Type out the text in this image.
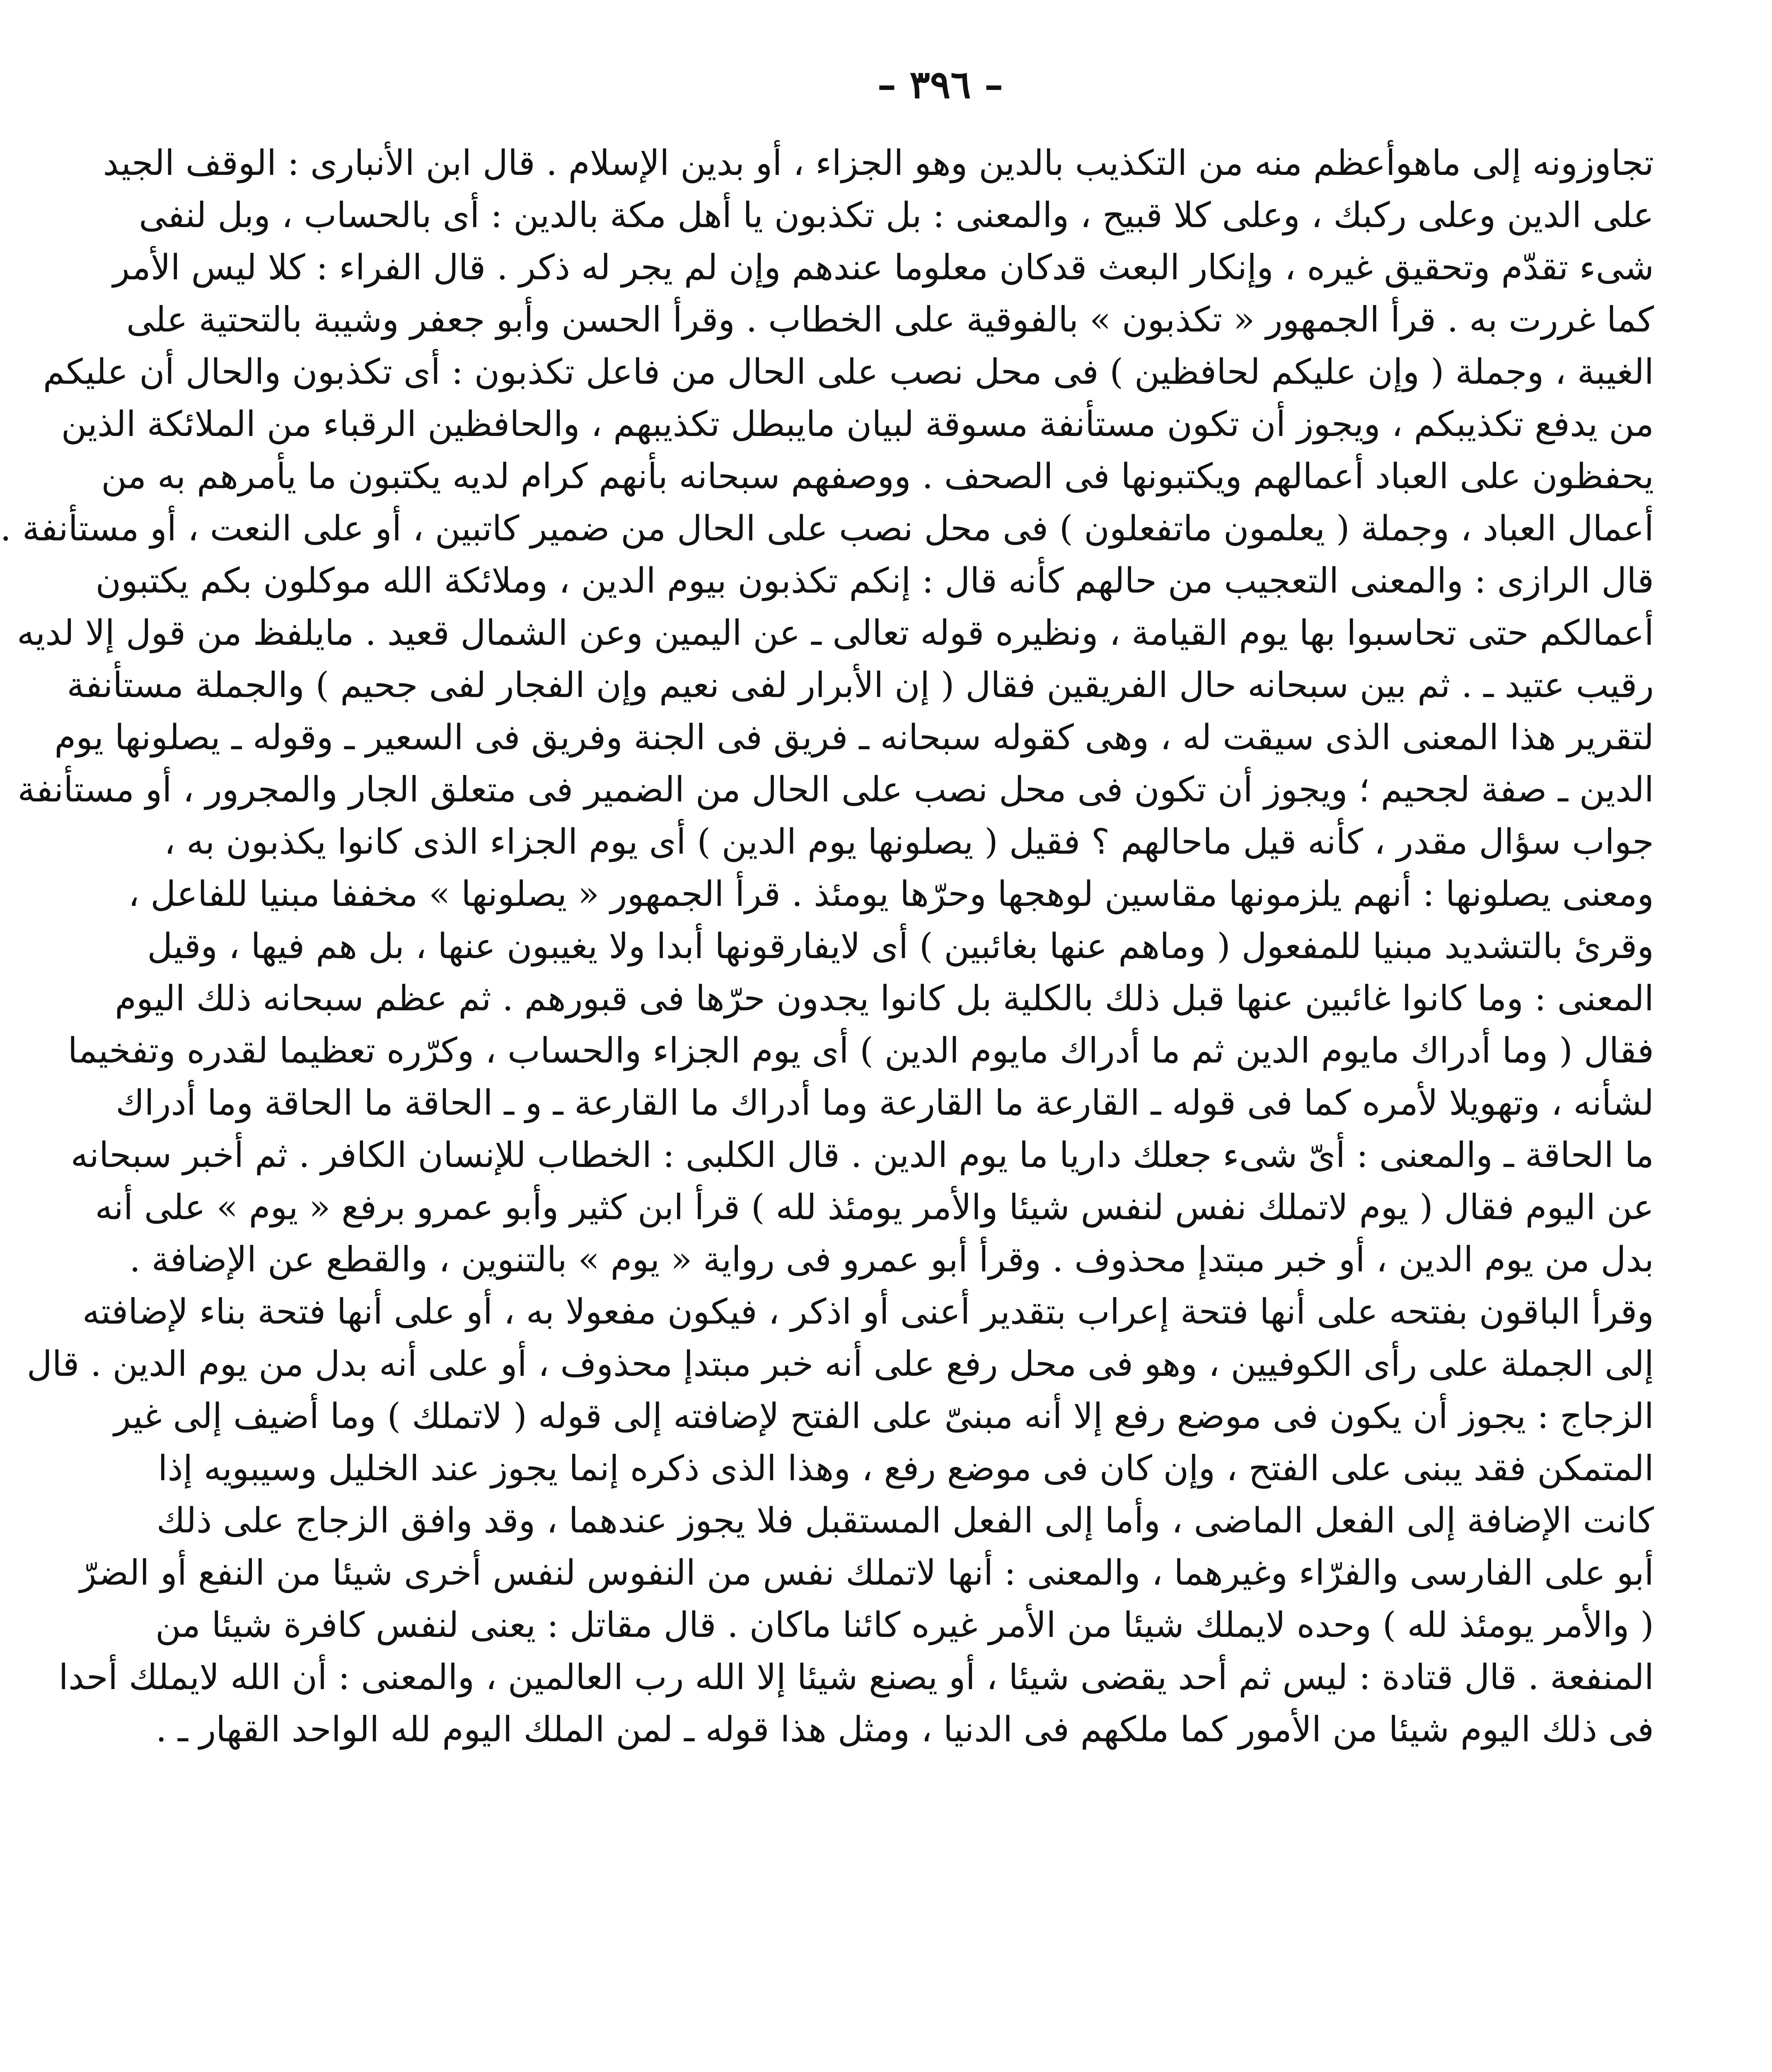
– ٣٩٦ –
تجاوزونه إلى ماهوأعظم منه من التكذيب بالدين وهو الجزاء ، أو بدين الإسلام . قال ابن الأنبارى : الوقف الجيد
على الدين وعلى ركبك ، وعلى كلا قبيح ، والمعنى : بل تكذبون يا أهل مكة بالدين : أى بالحساب ، وبل لنفى
شىء تقدّم وتحقيق غيره ، وإنكار البعث قدكان معلوما عندهم وإن لم يجر له ذكر . قال الفراء : كلا ليس الأمر
كما غررت به . قرأ الجمهور « تكذبون » بالفوقية على الخطاب . وقرأ الحسن وأبو جعفر وشيبة بالتحتية على
الغيبة ، وجملة ( وإن عليكم لحافظين ) فى محل نصب على الحال من فاعل تكذبون : أى تكذبون والحال أن عليكم
من يدفع تكذيبكم ، ويجوز أن تكون مستأنفة مسوقة لبيان مايبطل تكذيبهم ، والحافظين الرقباء من الملائكة الذين
يحفظون على العباد أعمالهم ويكتبونها فى الصحف . ووصفهم سبحانه بأنهم كرام لديه يكتبون ما يأمرهم به من
أعمال العباد ، وجملة ( يعلمون ماتفعلون ) فى محل نصب على الحال من ضمير كاتبين ، أو على النعت ، أو مستأنفة .
قال الرازى : والمعنى التعجيب من حالهم كأنه قال : إنكم تكذبون بيوم الدين ، وملائكة الله موكلون بكم يكتبون
أعمالكم حتى تحاسبوا بها يوم القيامة ، ونظيره قوله تعالى ـ عن اليمين وعن الشمال قعيد . مايلفظ من قول إلا لديه
رقيب عتيد ـ . ثم بين سبحانه حال الفريقين فقال ( إن الأبرار لفى نعيم وإن الفجار لفى جحيم ) والجملة مستأنفة
لتقرير هذا المعنى الذى سيقت له ، وهى كقوله سبحانه ـ فريق فى الجنة وفريق فى السعير ـ وقوله ـ يصلونها يوم
الدين ـ صفة لجحيم ؛ ويجوز أن تكون فى محل نصب على الحال من الضمير فى متعلق الجار والمجرور ، أو مستأنفة
جواب سؤال مقدر ، كأنه قيل ماحالهم ؟ فقيل ( يصلونها يوم الدين ) أى يوم الجزاء الذى كانوا يكذبون به ،
ومعنى يصلونها : أنهم يلزمونها مقاسين لوهجها وحرّها يومئذ . قرأ الجمهور « يصلونها » مخففا مبنيا للفاعل ،
وقرئ بالتشديد مبنيا للمفعول ( وماهم عنها بغائبين ) أى لايفارقونها أبدا ولا يغيبون عنها ، بل هم فيها ، وقيل
المعنى : وما كانوا غائبين عنها قبل ذلك بالكلية بل كانوا يجدون حرّها فى قبورهم . ثم عظم سبحانه ذلك اليوم
فقال ( وما أدراك مايوم الدين ثم ما أدراك مايوم الدين ) أى يوم الجزاء والحساب ، وكرّره تعظيما لقدره وتفخيما
لشأنه ، وتهويلا لأمره كما فى قوله ـ القارعة ما القارعة وما أدراك ما القارعة ـ و ـ الحاقة ما الحاقة وما أدراك
ما الحاقة ـ والمعنى : أىّ شىء جعلك داريا ما يوم الدين . قال الكلبى : الخطاب للإنسان الكافر . ثم أخبر سبحانه
عن اليوم فقال ( يوم لاتملك نفس لنفس شيئا والأمر يومئذ لله ) قرأ ابن كثير وأبو عمرو برفع « يوم » على أنه
بدل من يوم الدين ، أو خبر مبتدإ محذوف . وقرأ أبو عمرو فى رواية « يوم » بالتنوين ، والقطع عن الإضافة .
وقرأ الباقون بفتحه على أنها فتحة إعراب بتقدير أعنى أو اذكر ، فيكون مفعولا به ، أو على أنها فتحة بناء لإضافته
إلى الجملة على رأى الكوفيين ، وهو فى محل رفع على أنه خبر مبتدإ محذوف ، أو على أنه بدل من يوم الدين . قال
الزجاج : يجوز أن يكون فى موضع رفع إلا أنه مبنىّ على الفتح لإضافته إلى قوله ( لاتملك ) وما أضيف إلى غير
المتمكن فقد يبنى على الفتح ، وإن كان فى موضع رفع ، وهذا الذى ذكره إنما يجوز عند الخليل وسيبويه إذا
كانت الإضافة إلى الفعل الماضى ، وأما إلى الفعل المستقبل فلا يجوز عندهما ، وقد وافق الزجاج على ذلك
أبو على الفارسى والفرّاء وغيرهما ، والمعنى : أنها لاتملك نفس من النفوس لنفس أخرى شيئا من النفع أو الضرّ
( والأمر يومئذ لله ) وحده لايملك شيئا من الأمر غيره كائنا ماكان . قال مقاتل : يعنى لنفس كافرة شيئا من
المنفعة . قال قتادة : ليس ثم أحد يقضى شيئا ، أو يصنع شيئا إلا الله رب العالمين ، والمعنى : أن الله لايملك أحدا
فى ذلك اليوم شيئا من الأمور كما ملكهم فى الدنيا ، ومثل هذا قوله ـ لمن الملك اليوم لله الواحد القهار ـ .
